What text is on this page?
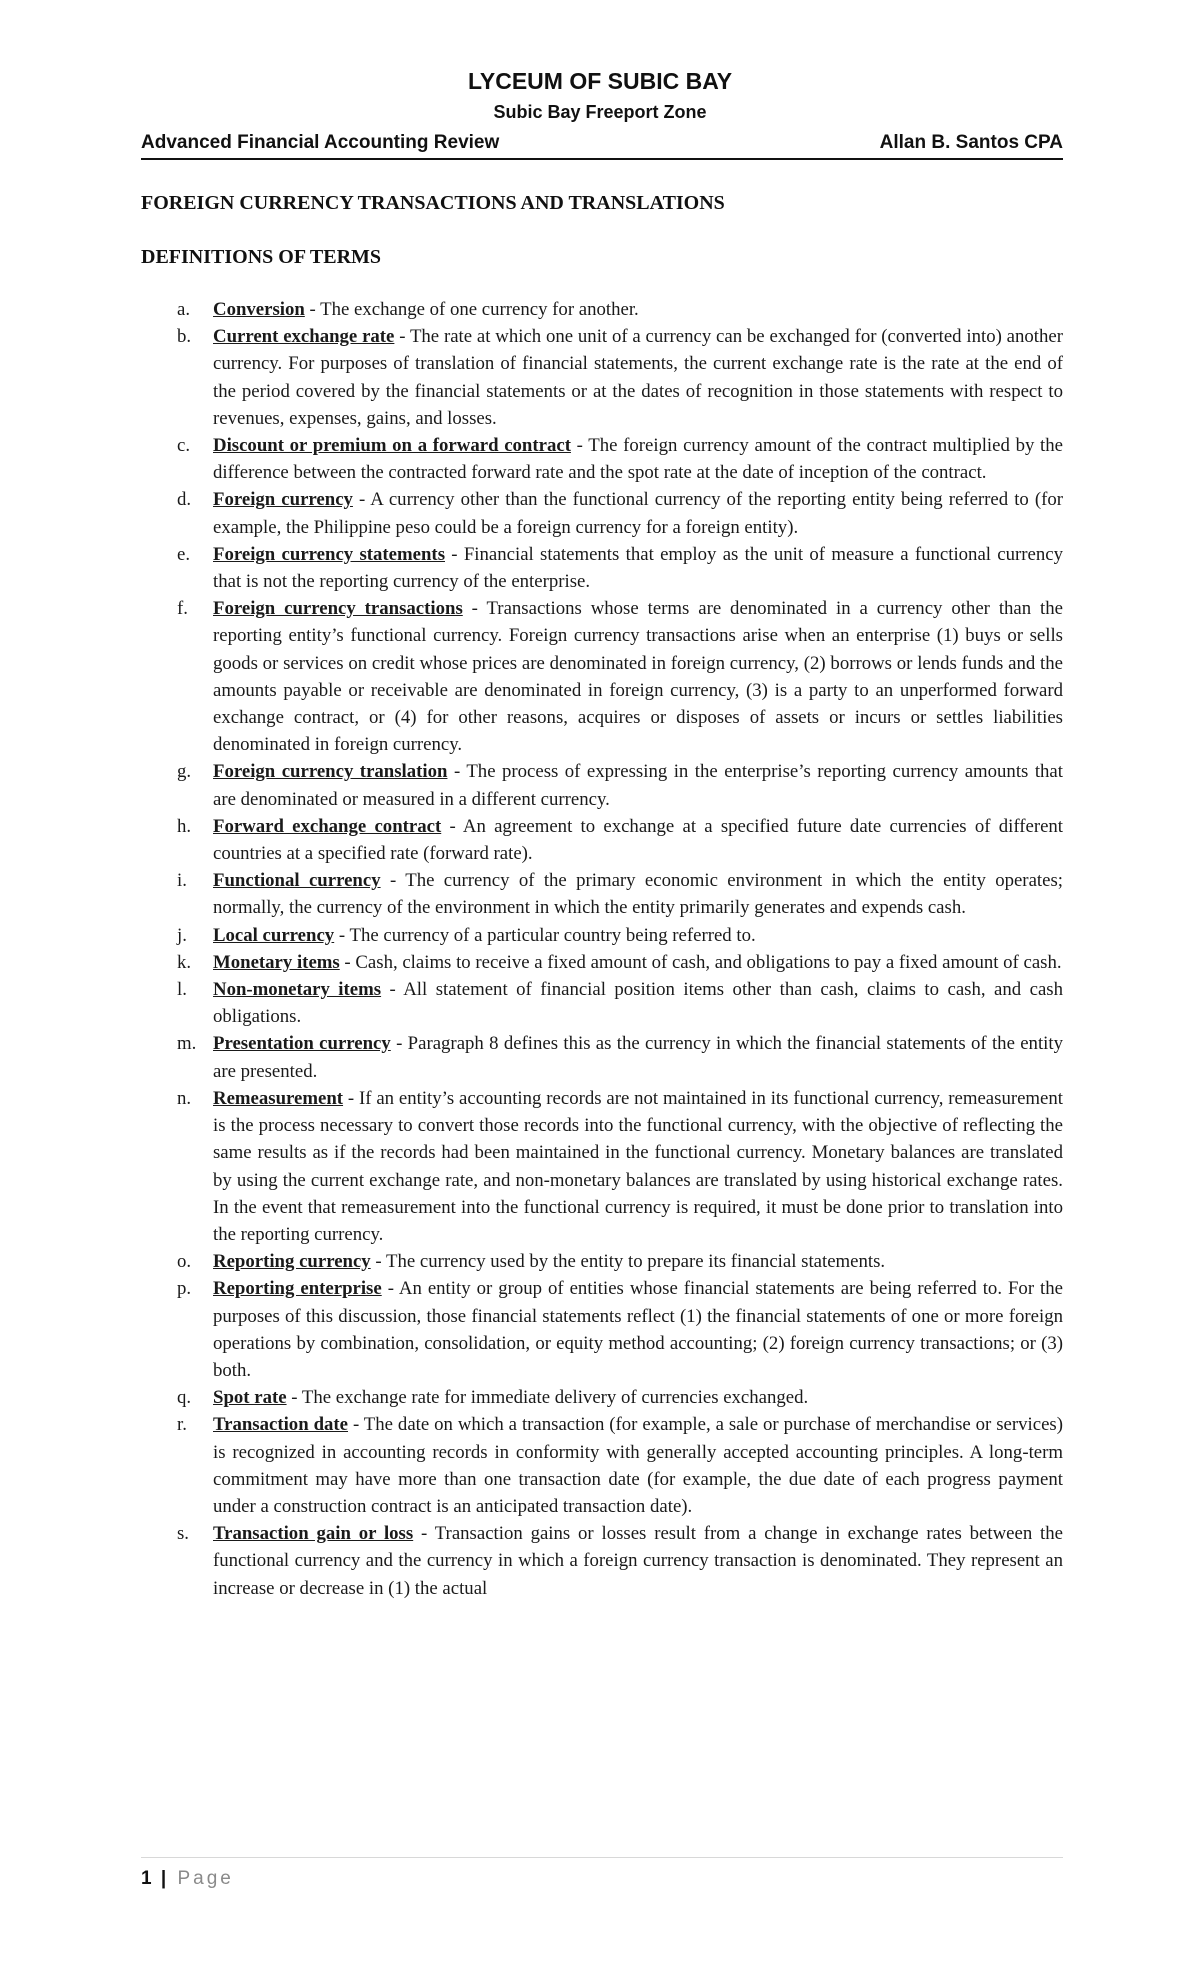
LYCEUM OF SUBIC BAY
Subic Bay Freeport Zone
Advanced Financial Accounting Review	Allan B. Santos CPA
FOREIGN CURRENCY TRANSACTIONS AND TRANSLATIONS
DEFINITIONS OF TERMS
a. Conversion - The exchange of one currency for another.
b. Current exchange rate - The rate at which one unit of a currency can be exchanged for (converted into) another currency. For purposes of translation of financial statements, the current exchange rate is the rate at the end of the period covered by the financial statements or at the dates of recognition in those statements with respect to revenues, expenses, gains, and losses.
c. Discount or premium on a forward contract - The foreign currency amount of the contract multiplied by the difference between the contracted forward rate and the spot rate at the date of inception of the contract.
d. Foreign currency - A currency other than the functional currency of the reporting entity being referred to (for example, the Philippine peso could be a foreign currency for a foreign entity).
e. Foreign currency statements - Financial statements that employ as the unit of measure a functional currency that is not the reporting currency of the enterprise.
f. Foreign currency transactions - Transactions whose terms are denominated in a currency other than the reporting entity’s functional currency. Foreign currency transactions arise when an enterprise (1) buys or sells goods or services on credit whose prices are denominated in foreign currency, (2) borrows or lends funds and the amounts payable or receivable are denominated in foreign currency, (3) is a party to an unperformed forward exchange contract, or (4) for other reasons, acquires or disposes of assets or incurs or settles liabilities denominated in foreign currency.
g. Foreign currency translation - The process of expressing in the enterprise’s reporting currency amounts that are denominated or measured in a different currency.
h. Forward exchange contract - An agreement to exchange at a specified future date currencies of different countries at a specified rate (forward rate).
i. Functional currency - The currency of the primary economic environment in which the entity operates; normally, the currency of the environment in which the entity primarily generates and expends cash.
j. Local currency - The currency of a particular country being referred to.
k. Monetary items - Cash, claims to receive a fixed amount of cash, and obligations to pay a fixed amount of cash.
l. Non-monetary items - All statement of financial position items other than cash, claims to cash, and cash obligations.
m. Presentation currency - Paragraph 8 defines this as the currency in which the financial statements of the entity are presented.
n. Remeasurement - If an entity’s accounting records are not maintained in its functional currency, remeasurement is the process necessary to convert those records into the functional currency, with the objective of reflecting the same results as if the records had been maintained in the functional currency. Monetary balances are translated by using the current exchange rate, and non-monetary balances are translated by using historical exchange rates. In the event that remeasurement into the functional currency is required, it must be done prior to translation into the reporting currency.
o. Reporting currency - The currency used by the entity to prepare its financial statements.
p. Reporting enterprise - An entity or group of entities whose financial statements are being referred to. For the purposes of this discussion, those financial statements reflect (1) the financial statements of one or more foreign operations by combination, consolidation, or equity method accounting; (2) foreign currency transactions; or (3) both.
q. Spot rate - The exchange rate for immediate delivery of currencies exchanged.
r. Transaction date - The date on which a transaction (for example, a sale or purchase of merchandise or services) is recognized in accounting records in conformity with generally accepted accounting principles. A long-term commitment may have more than one transaction date (for example, the due date of each progress payment under a construction contract is an anticipated transaction date).
s. Transaction gain or loss - Transaction gains or losses result from a change in exchange rates between the functional currency and the currency in which a foreign currency transaction is denominated. They represent an increase or decrease in (1) the actual
1 | Page
